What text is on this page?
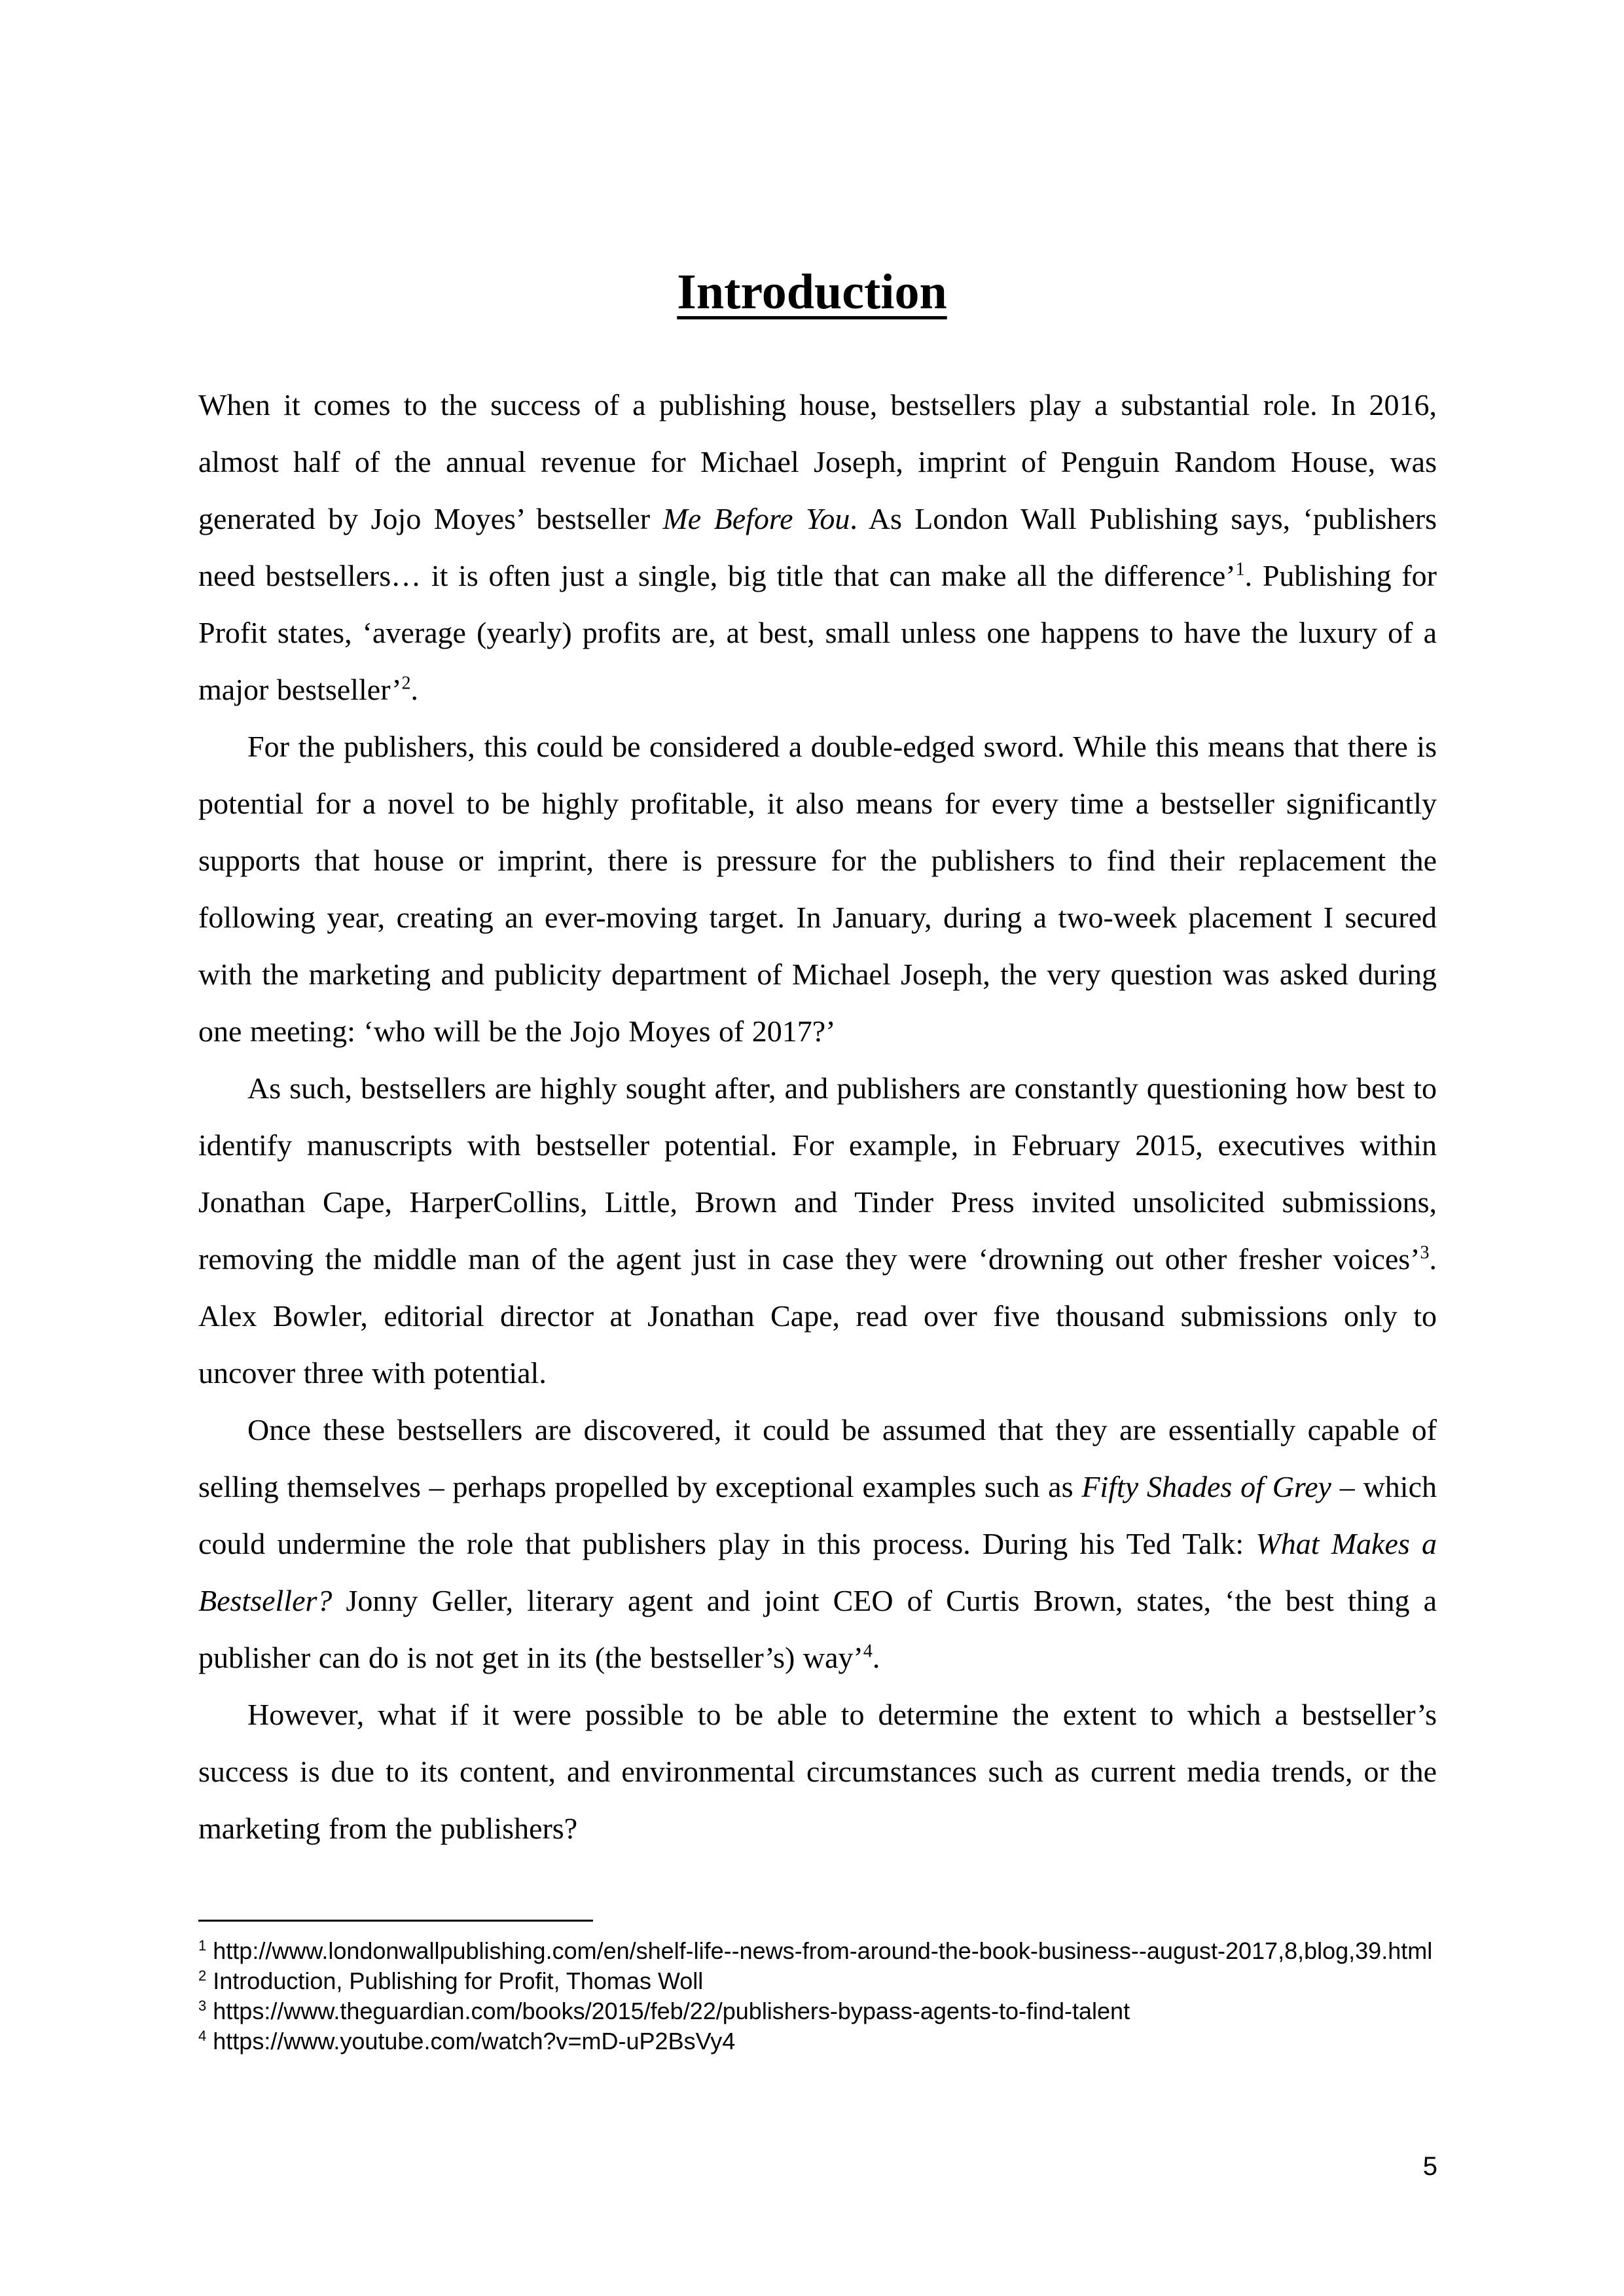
Introduction

When it comes to the success of a publishing house, bestsellers play a substantial role. In 2016, almost half of the annual revenue for Michael Joseph, imprint of Penguin Random House, was generated by Jojo Moyes’ bestseller Me Before You. As London Wall Publishing says, ‘publishers need bestsellers… it is often just a single, big title that can make all the difference’$^1$. Publishing for Profit states, ‘average (yearly) profits are, at best, small unless one happens to have the luxury of a major bestseller’$^2$.

For the publishers, this could be considered a double-edged sword. While this means that there is potential for a novel to be highly profitable, it also means for every time a bestseller significantly supports that house or imprint, there is pressure for the publishers to find their replacement the following year, creating an ever-moving target. In January, during a two-week placement I secured with the marketing and publicity department of Michael Joseph, the very question was asked during one meeting: ‘who will be the Jojo Moyes of 2017?’

As such, bestsellers are highly sought after, and publishers are constantly questioning how best to identify manuscripts with bestseller potential. For example, in February 2015, executives within Jonathan Cape, HarperCollins, Little, Brown and Tinder Press invited unsolicited submissions, removing the middle man of the agent just in case they were ‘drowning out other fresher voices’$^3$. Alex Bowler, editorial director at Jonathan Cape, read over five thousand submissions only to uncover three with potential.

Once these bestsellers are discovered, it could be assumed that they are essentially capable of selling themselves – perhaps propelled by exceptional examples such as Fifty Shades of Grey – which could undermine the role that publishers play in this process. During his Ted Talk: What Makes a Bestseller? Jonny Geller, literary agent and joint CEO of Curtis Brown, states, ‘the best thing a publisher can do is not get in its (the bestseller’s) way’$^4$.

However, what if it were possible to be able to determine the extent to which a bestseller’s success is due to its content, and environmental circumstances such as current media trends, or the marketing from the publishers?

$^1$ http://www.londonwallpublishing.com/en/shelf-life--news-from-around-the-book-business--august-2017,8,blog,39.html
$^2$ Introduction, Publishing for Profit, Thomas Woll
$^3$ https://www.theguardian.com/books/2015/feb/22/publishers-bypass-agents-to-find-talent
$^4$ https://www.youtube.com/watch?v=mD-uP2BsVy4
5
